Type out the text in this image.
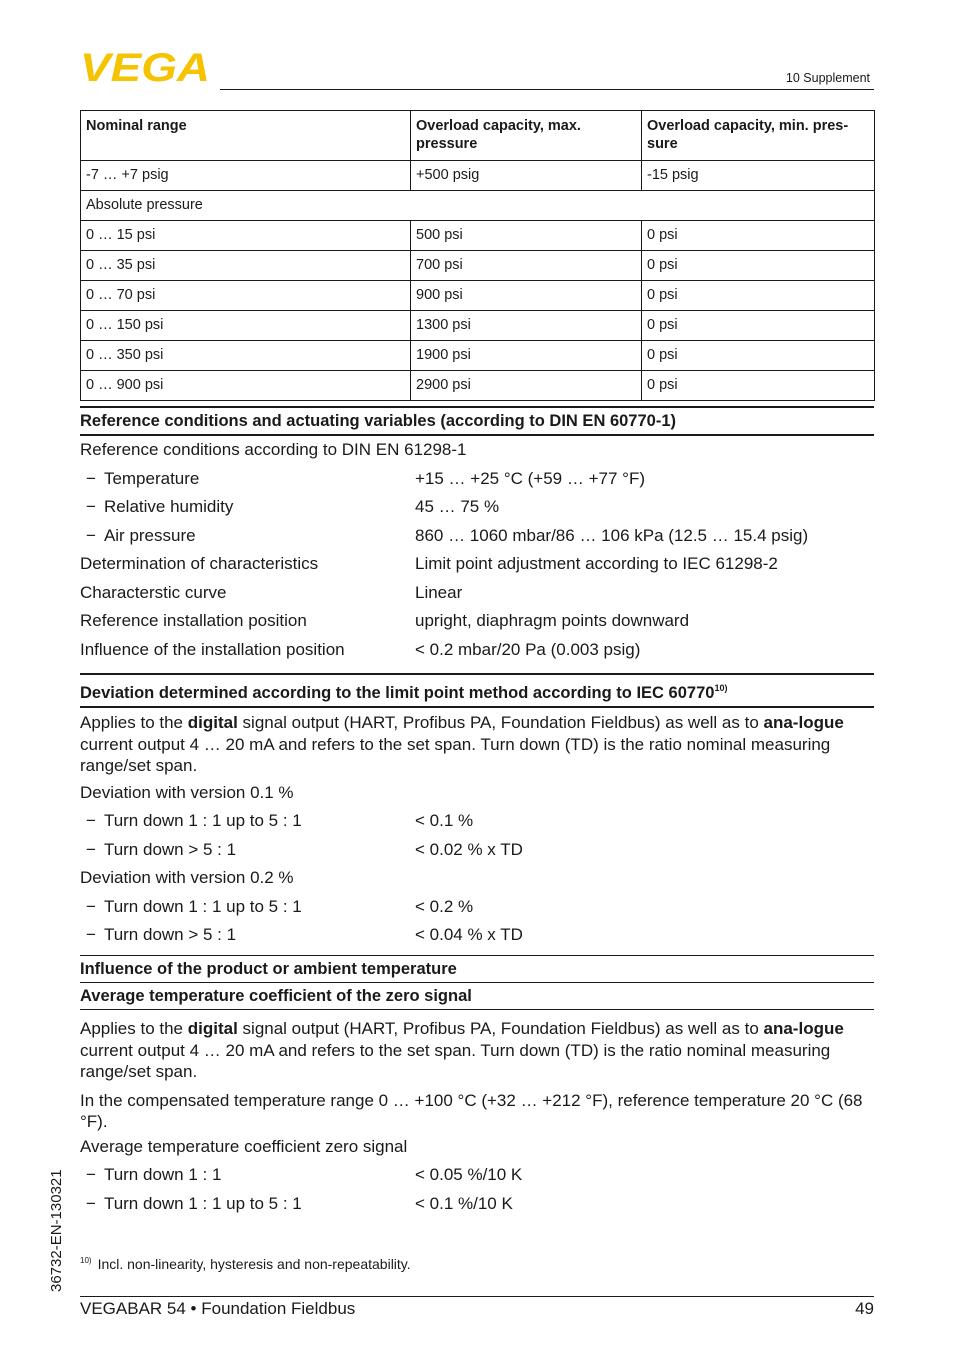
VEGA	10 Supplement
Nominal range	Overload capacity, max. pressure	Overload capacity, min. pres-sure
-7 … +7 psig	+500 psig	-15 psig
Absolute pressure		
0 … 15 psi	500 psi	0 psi
0 … 35 psi	700 psi	0 psi
0 … 70 psi	900 psi	0 psi
0 … 150 psi	1300 psi	0 psi
0 … 350 psi	1900 psi	0 psi
0 … 900 psi	2900 psi	0 psi
Reference conditions and actuating variables (according to DIN EN 60770-1)
Reference conditions according to DIN EN 61298-1
− Temperature	+15 … +25 °C (+59 … +77 °F)
− Relative humidity	45 … 75 %
− Air pressure	860 … 1060 mbar/86 … 106 kPa (12.5 … 15.4 psig)
Determination of characteristics	Limit point adjustment according to IEC 61298-2
Characterstic curve	Linear
Reference installation position	upright, diaphragm points downward
Influence of the installation position	< 0.2 mbar/20 Pa (0.003 psig)
Deviation determined according to the limit point method according to IEC 60770$^{10)}$

Applies to the digital signal output (HART, Profibus PA, Foundation Fieldbus) as well as to ana-logue current output 4 … 20 mA and refers to the set span. Turn down (TD) is the ratio nominal measuring range/set span.

Deviation with version 0.1 %
− Turn down 1 : 1 up to 5 : 1	< 0.1 %
− Turn down > 5 : 1	< 0.02 % x TD
Deviation with version 0.2 %
− Turn down 1 : 1 up to 5 : 1	< 0.2 %
− Turn down > 5 : 1	< 0.04 % x TD
Influence of the product or ambient temperature
Average temperature coefficient of the zero signal

Applies to the digital signal output (HART, Profibus PA, Foundation Fieldbus) as well as to ana-logue current output 4 … 20 mA and refers to the set span. Turn down (TD) is the ratio nominal measuring range/set span.

In the compensated temperature range 0 … +100 °C (+32 … +212 °F), reference temperature 20 °C (68 °F).

Average temperature coefficient zero signal
− Turn down 1 : 1	< 0.05 %/10 K
− Turn down 1 : 1 up to 5 : 1	< 0.1 %/10 K
$^{10)}$ Incl. non-linearity, hysteresis and non-repeatability.
36732-EN-130321
VEGABAR 54 • Foundation Fieldbus	49
